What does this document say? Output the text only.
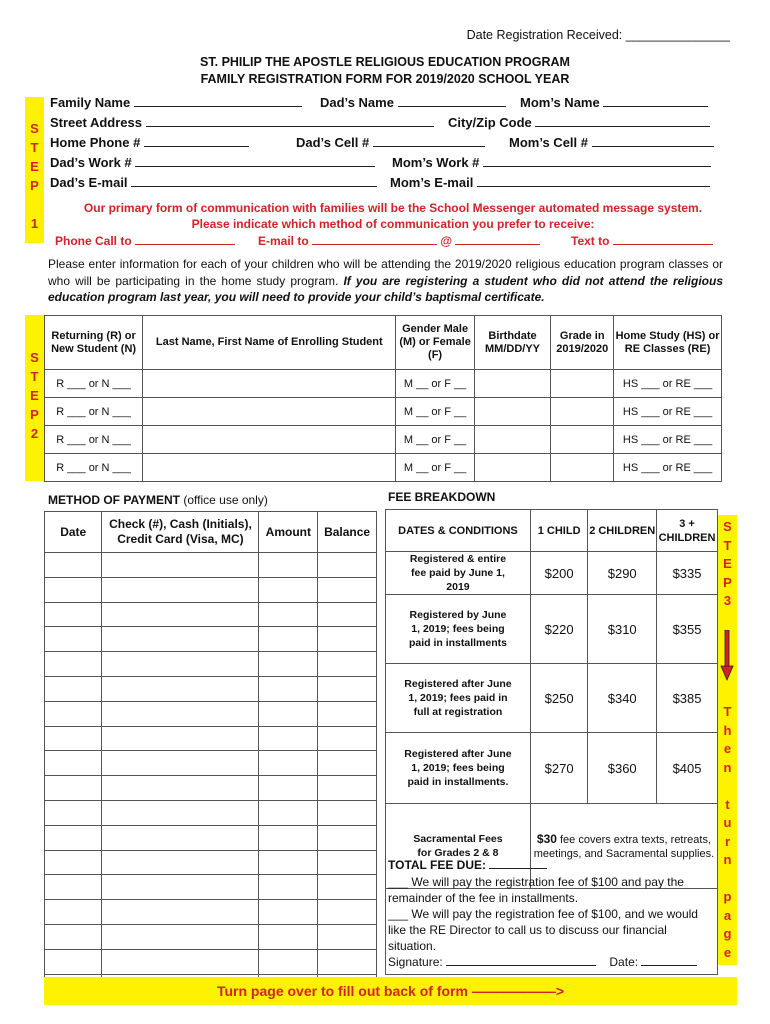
Date Registration Received: _______________
ST. PHILIP THE APOSTLE RELIGIOUS EDUCATION PROGRAM
FAMILY REGISTRATION FORM FOR 2019/2020 SCHOOL YEAR
S
T
E
P

1
Family Name	Dad’s Name	Mom’s Name
Street Address	City/Zip Code
Home Phone #	Dad’s Cell #	Mom’s Cell #
Dad’s Work #	Mom’s Work #
Dad’s E-mail	Mom’s E-mail
Our primary form of communication with families will be the School Messenger automated message system.
Please indicate which method of communication you prefer to receive:
Phone Call to	E-mail to	@	Text to
Please enter information for each of your children who will be attending the 2019/2020 religious education program classes or who will be participating in the home study program. If you are registering a student who did not attend the religious education program last year, you will need to provide your child’s baptismal certificate.
S
T
E
P
2
Returning (R) or New Student (N)	Last Name, First Name of Enrolling Student	Gender Male (M) or Female (F)	Birthdate MM/DD/YY	Grade in 2019/2020	Home Study (HS) or RE Classes (RE)
R ___ or N ___		M __ or F __			HS ___ or RE ___
R ___ or N ___		M __ or F __			HS ___ or RE ___
R ___ or N ___		M __ or F __			HS ___ or RE ___
R ___ or N ___		M __ or F __			HS ___ or RE ___
METHOD OF PAYMENT (office use only)
Date	Check (#), Cash (Initials), Credit Card (Visa, MC)	Amount	Balance

FEE BREAKDOWN
DATES & CONDITIONS	1 CHILD	2 CHILDREN	3 + CHILDREN
Registered & entire fee paid by June 1, 2019	$200	$290	$335
Registered by June 1, 2019; fees being paid in installments	$220	$310	$355
Registered after June 1, 2019; fees paid in full at registration	$250	$340	$385
Registered after June 1, 2019; fees being paid in installments.	$270	$360	$405
Sacramental Fees for Grades 2 & 8	$30 fee covers extra texts, retreats, meetings, and Sacramental supplies.		
TOTAL FEE DUE:
___ We will pay the registration fee of $100 and pay the remainder of the fee in installments.
___ We will pay the registration fee of $100, and we would like the RE Director to call us to discuss our financial situation.
Signature:	Date:
S
T
E
P
3

T
h
e
n

t
u
r
n

p
a
g
e
Turn page over to fill out back of form ——————>
